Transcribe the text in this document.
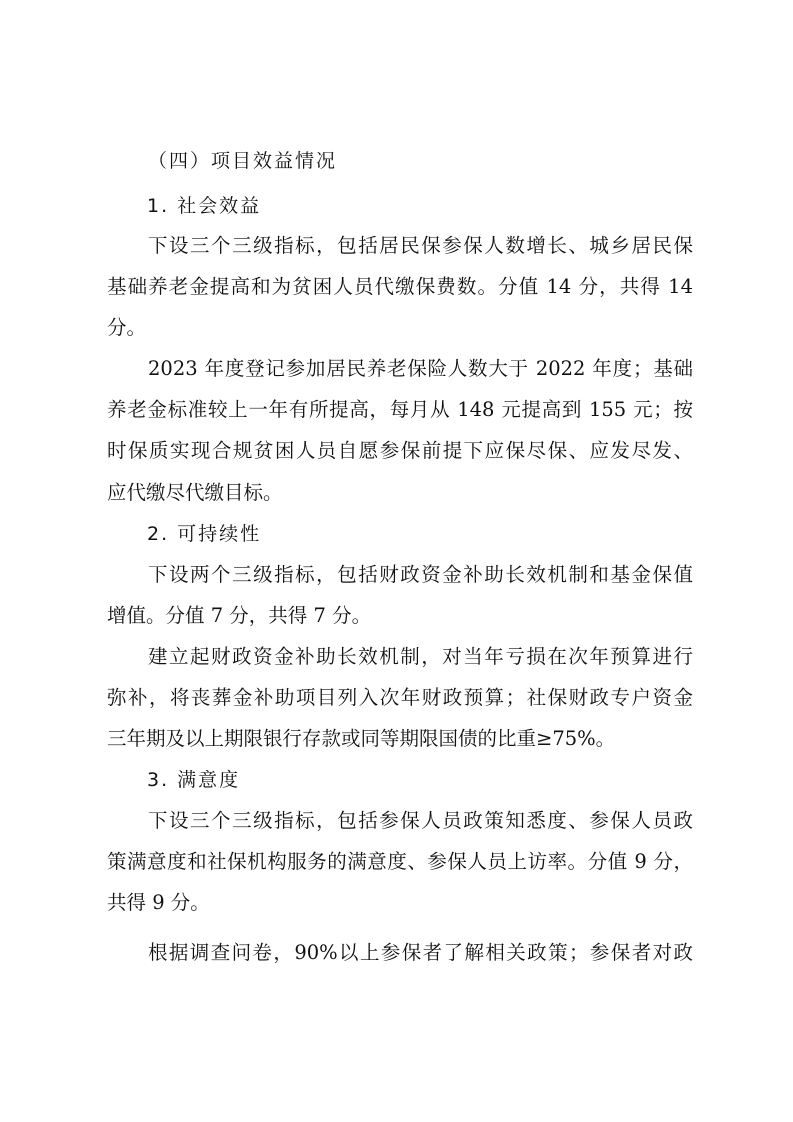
（四）项目效益情况
1. 社会效益
下设三个三级指标，包括居民保参保人数增长、城乡居民保
基础养老金提高和为贫困人员代缴保费数。分值 14 分，共得 14
分。
2023 年度登记参加居民养老保险人数大于 2022 年度；基础
养老金标准较上一年有所提高，每月从 148 元提高到 155 元；按
时保质实现合规贫困人员自愿参保前提下应保尽保、应发尽发、
应代缴尽代缴目标。
2. 可持续性
下设两个三级指标，包括财政资金补助长效机制和基金保值
增值。分值 7 分，共得 7 分。
建立起财政资金补助长效机制，对当年亏损在次年预算进行
弥补，将丧葬金补助项目列入次年财政预算；社保财政专户资金
三年期及以上期限银行存款或同等期限国债的比重≥75%。
3. 满意度
下设三个三级指标，包括参保人员政策知悉度、参保人员政
策满意度和社保机构服务的满意度、参保人员上访率。分值 9 分，
共得 9 分。
根据调查问卷，90%以上参保者了解相关政策；参保者对政
